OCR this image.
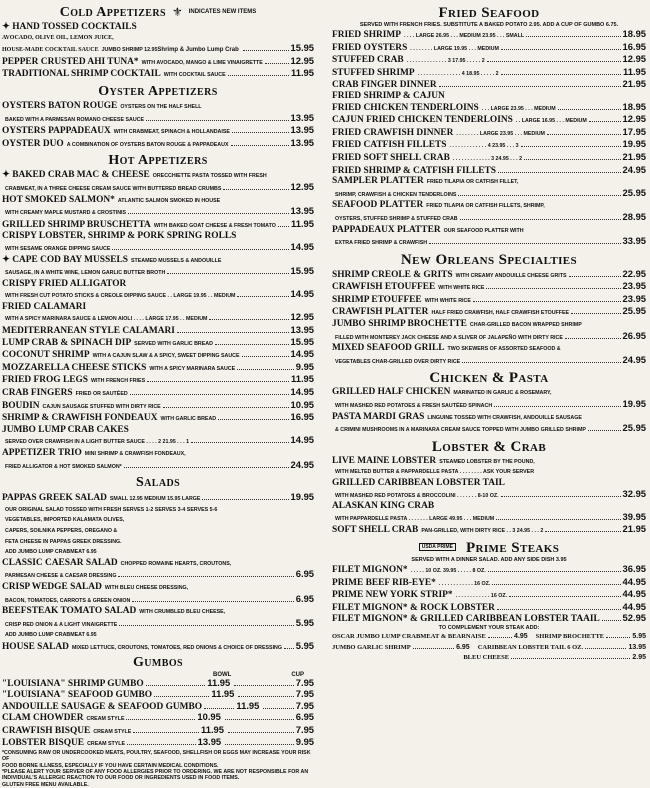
Cold Appetizers ⚜ INDICATES NEW ITEMS
✦ HAND TOSSED COCKTAILS
AVOCADO, OLIVE OIL, LEMON JUICE,
HOUSE-MADE COCKTAIL SAUCE JUMBO SHRIMP 12.95 Shrimp & Jumbo Lump Crab	15.95
PEPPER CRUSTED AHI TUNA* WITH AVOCADO, MANGO & LIME VINAIGRETTE	12.95
TRADITIONAL SHRIMP COCKTAIL WITH COCKTAIL SAUCE	11.95
Oyster Appetizers
OYSTERS BATON ROUGE OYSTERS ON THE HALF SHELL
BAKED WITH A PARMESAN ROMANO CHEESE SAUCE	13.95
OYSTERS PAPPADEAUX WITH CRABMEAT, SPINACH & HOLLANDAISE	13.95
OYSTER DUO A COMBINATION OF OYSTERS BATON ROUGE & PAPPADEAUX	13.95
Hot Appetizers
✦ BAKED CRAB MAC & CHEESE ORECCHIETTE PASTA TOSSED WITH FRESH
CRABMEAT, IN A THREE CHEESE CREAM SAUCE WITH BUTTERED BREAD CRUMBS	12.95
HOT SMOKED SALMON* ATLANTIC SALMON SMOKED IN HOUSE
WITH CREAMY MAPLE MUSTARD & CROSTINIS	13.95
GRILLED SHRIMP BRUSCHETTA WITH BAKED GOAT CHEESE & FRESH TOMATO 11.95
CRISPY LOBSTER, SHRIMP & PORK SPRING ROLLS
WITH SESAME ORANGE DIPPING SAUCE	14.95
✦ CAPE COD BAY MUSSELS STEAMED MUSSELS & ANDOUILLE
SAUSAGE, IN A WHITE WINE, LEMON GARLIC BUTTER BROTH	15.95
CRISPY FRIED ALLIGATOR
WITH FRESH CUT POTATO STICKS & CREOLE DIPPING SAUCE . . LARGE 19.95 . . MEDIUM	14.95
FRIED CALAMARI
WITH A SPICY MARINARA SAUCE & LEMON AIOLI . . . . LARGE 17.95 . . MEDIUM	12.95
MEDITERRANEAN STYLE CALAMARI	13.95
LUMP CRAB & SPINACH DIP SERVED WITH GARLIC BREAD	15.95
COCONUT SHRIMP WITH A CAJUN SLAW & A SPICY, SWEET DIPPING SAUCE	14.95
MOZZARELLA CHEESE STICKS WITH A SPICY MARINARA SAUCE	9.95
FRIED FROG LEGS WITH FRENCH FRIES	11.95
CRAB FINGERS FRIED OR SAUTÉED	14.95
BOUDIN CAJUN SAUSAGE STUFFED WITH DIRTY RICE	10.95
SHRIMP & CRAWFISH FONDEAUX WITH GARLIC BREAD	16.95
JUMBO LUMP CRAB CAKES
SERVED OVER CRAWFISH IN A LIGHT BUTTER SAUCE . . . . 2 21.95 . . . 1	14.95
APPETIZER TRIO MINI SHRIMP & CRAWFISH FONDEAUX,
FRIED ALLIGATOR & HOT SMOKED SALMON*	24.95
Salads
PAPPAS GREEK SALAD SMALL 12.95 MEDIUM 15.95 LARGE	19.95
OUR ORIGINAL SALAD TOSSED WITH FRESH SERVES 1-2 SERVES 3-4 SERVES 5-6
VEGETABLES, IMPORTED KALAMATA OLIVES,
CAPERS, SOILNIKA PEPPERS, OREGANO &
FETA CHEESE IN PAPPAS GREEK DRESSING.
ADD JUMBO LUMP CRABMEAT 6.95
CLASSIC CAESAR SALAD CHOPPED ROMAINE HEARTS, CROUTONS,
PARMESAN CHEESE & CAESAR DRESSING	6.95
CRISP WEDGE SALAD WITH BLEU CHEESE DRESSING,
BACON, TOMATOES, CARROTS & GREEN ONION	6.95
BEEFSTEAK TOMATO SALAD WITH CRUMBLED BLEU CHEESE,
CRISP RED ONION & A LIGHT VINAIGRETTE	5.95
ADD JUMBO LUMP CRABMEAT 6.95
HOUSE SALAD MIXED LETTUCE, CROUTONS, TOMATOES, RED ONIONS & CHOICE OF DRESSING 5.95
Gumbos
BOWL	CUP
"LOUISIANA" SHRIMP GUMBO	11.95	7.95
"LOUISIANA" SEAFOOD GUMBO	11.95	7.95
ANDOUILLE SAUSAGE & SEAFOOD GUMBO	11.95	7.95
CLAM CHOWDER CREAM STYLE	10.95	6.95
CRAWFISH BISQUE CREAM STYLE	11.95	7.95
LOBSTER BISQUE CREAM STYLE	13.95	9.95
*CONSUMING RAW OR UNDERCOOKED MEATS, POULTRY, SEAFOOD, SHELLFISH OR EGGS MAY INCREASE YOUR RISK OF
FOOD BORNE ILLNESS, ESPECIALLY IF YOU HAVE CERTAIN MEDICAL CONDITIONS.
*PLEASE ALERT YOUR SERVER OF ANY FOOD ALLERGIES PRIOR TO ORDERING. WE ARE NOT RESPONSIBLE FOR AN
INDIVIDUAL'S ALLERGIC REACTION TO OUR FOOD OR INGREDIENTS USED IN FOOD ITEMS.
GLUTEN FREE MENU AVAILABLE.
Fried Seafood
SERVED WITH FRENCH FRIES. SUBSTITUTE A BAKED POTATO 2.95. ADD A CUP OF GUMBO 6.75.
FRIED SHRIMP . . . . LARGE 26.95 . . . MEDIUM 23.95 . . . SMALL	18.95
FRIED OYSTERS . . . . . . . . LARGE 19.95 . . . MEDIUM	16.95
STUFFED CRAB . . . . . . . . . . . . . . 3 17.95 . . . . . 2	12.95
STUFFED SHRIMP . . . . . . . . . . . . . . . 4 18.95 . . . . . 2	11.95
CRAB FINGER DINNER	21.95
FRIED SHRIMP & CAJUN
FRIED CHICKEN TENDERLOINS . . . LARGE 23.95 . . . MEDIUM	18.95
CAJUN FRIED CHICKEN TENDERLOINS . . LARGE 16.95 . . . MEDIUM	12.95
FRIED CRAWFISH DINNER . . . . . . . . LARGE 23.95 . . . MEDIUM	17.95
FRIED CATFISH FILLETS . . . . . . . . . . . . . 4 23.95 . . . 3	19.95
FRIED SOFT SHELL CRAB . . . . . . . . . . . . . 3 24.95 . . . 2	21.95
FRIED SHRIMP & CATFISH FILLETS	24.95
SAMPLER PLATTER FRIED TILAPIA OR CATFISH FILLET,
SHRIMP, CRAWFISH & CHICKEN TENDERLOINS	25.95
SEAFOOD PLATTER FRIED TILAPIA OR CATFISH FILLETS, SHRIMP,
OYSTERS, STUFFED SHRIMP & STUFFED CRAB	28.95
PAPPADEAUX PLATTER OUR SEAFOOD PLATTER WITH
EXTRA FRIED SHRIMP & CRAWFISH	33.95
New Orleans Specialties
SHRIMP CREOLE & GRITS WITH CREAMY ANDOUILLE CHEESE GRITS	22.95
CRAWFISH ETOUFFEE WITH WHITE RICE	23.95
SHRIMP ETOUFFEE WITH WHITE RICE	23.95
CRAWFISH PLATTER HALF FRIED CRAWFISH, HALF CRAWFISH ETOUFFEE	25.95
JUMBO SHRIMP BROCHETTE CHAR-GRILLED BACON WRAPPED SHRIMP
FILLED WITH MONTEREY JACK CHEESE AND A SLIVER OF JALAPEÑO WITH DIRTY RICE	26.95
MIXED SEAFOOD GRILL TWO SKEWERS OF ASSORTED SEAFOOD &
VEGETABLES CHAR-GRILLED OVER DIRTY RICE	24.95
Chicken & Pasta
GRILLED HALF CHICKEN MARINATED IN GARLIC & ROSEMARY,
WITH MASHED RED POTATOES & FRESH SAUTÉED SPINACH	19.95
PASTA MARDI GRAS LINGUINE TOSSED WITH CRAWFISH, ANDOUILLE SAUSAGE
& CRIMINI MUSHROOMS IN A MARINARA CREAM SAUCE TOPPED WITH JUMBO GRILLED SHRIMP	25.95
Lobster & Crab
LIVE MAINE LOBSTER STEAMED LOBSTER BY THE POUND,
WITH MELTED BUTTER & PAPPARDELLE PASTA . . . . . . . . ASK YOUR SERVER
GRILLED CARIBBEAN LOBSTER TAIL
WITH MASHED RED POTATOES & BROCCOLINI . . . . . . . 8-10 OZ.	32.95
ALASKAN KING CRAB
WITH PAPPARDELLE PASTA . . . . . . . LARGE 49.95 . . . MEDIUM	39.95
SOFT SHELL CRAB PAN-GRILLED, WITH DIRTY RICE . . 3 24.95 . . . 2	21.95
USDA PRIME Prime Steaks
SERVED WITH A DINNER SALAD. ADD ANY SIDE DISH 3.95
FILET MIGNON* . . . . . 10 OZ. 39.95 . . . . . 8 OZ.	36.95
PRIME BEEF RIB-EYE* . . . . . . . . . . . . 16 OZ.	44.95
PRIME NEW YORK STRIP* . . . . . . . . . . . . 16 OZ.	44.95
FILET MIGNON* & ROCK LOBSTER	44.95
FILET MIGNON* & GRILLED CARIBBEAN LOBSTER TAAIL 52.95
TO COMPLEMENT YOUR STEAK ADD:
OSCAR JUMBO LUMP CRABMEAT & BEARNAISE	4.95 SHRIMP BROCHETTE	5.95
JUMBO GARLIC SHRIMP	6.95 CARIBBEAN LOBSTER TAIL 6 OZ.	13.95
BLEU CHEESE	2.95
